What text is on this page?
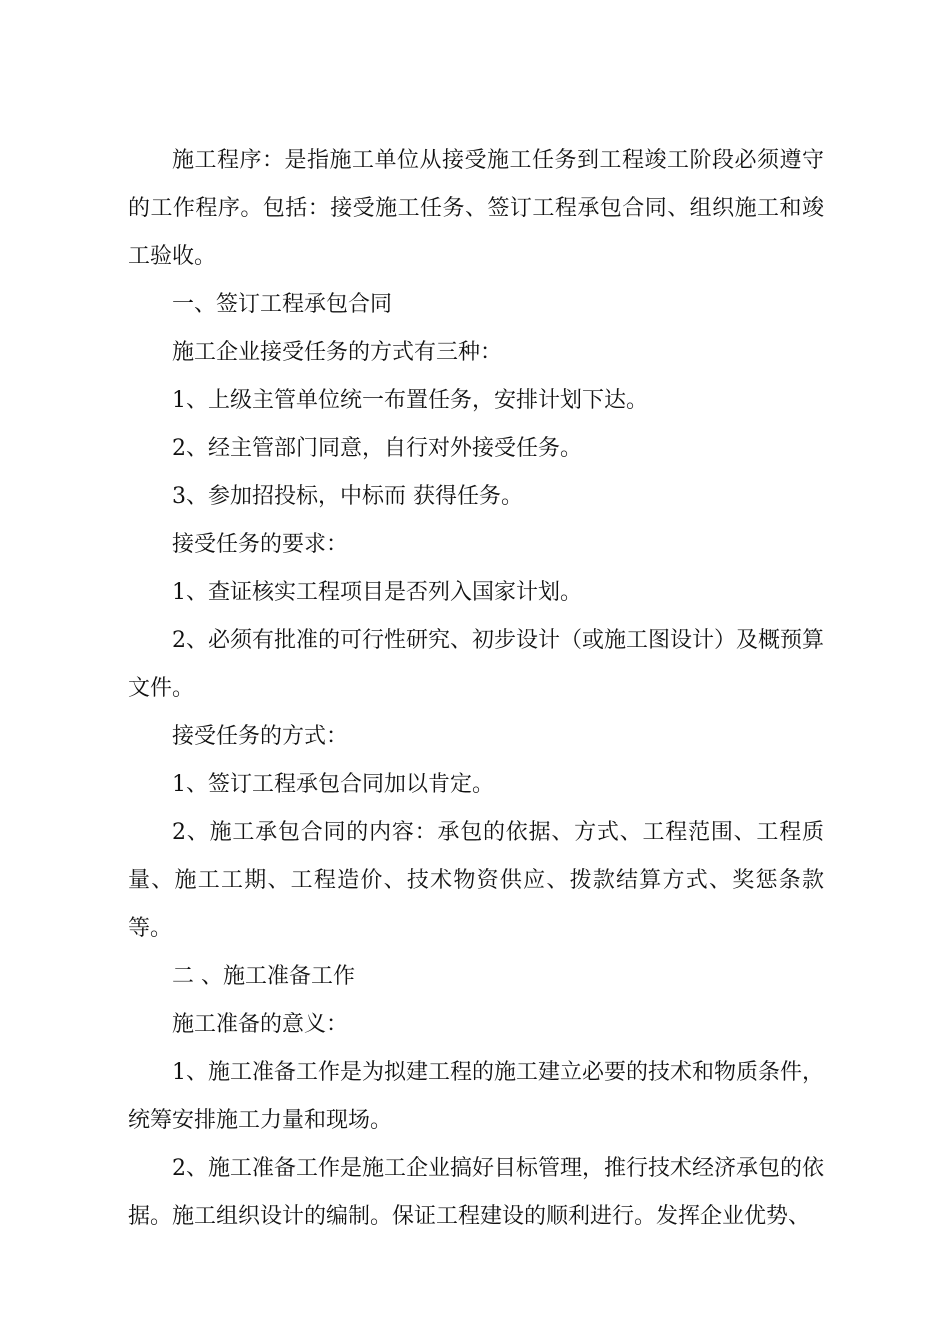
施工程序：是指施工单位从接受施工任务到工程竣工阶段必须遵守的工作程序。包括：接受施工任务、签订工程承包合同、组织施工和竣工验收。

一、签订工程承包合同

施工企业接受任务的方式有三种：

1、上级主管单位统一布置任务，安排计划下达。

2、经主管部门同意，自行对外接受任务。

3、参加招投标，中标而 获得任务。

接受任务的要求：

1、查证核实工程项目是否列入国家计划。

2、必须有批准的可行性研究、初步设计（或施工图设计）及概预算文件。

接受任务的方式：

1、签订工程承包合同加以肯定。

2、施工承包合同的内容：承包的依据、方式、工程范围、工程质量、施工工期、工程造价、技术物资供应、拨款结算方式、奖惩条款等。

二 、施工准备工作

施工准备的意义：

1、施工准备工作是为拟建工程的施工建立必要的技术和物质条件，统筹安排施工力量和现场。

2、施工准备工作是施工企业搞好目标管理，推行技术经济承包的依据。施工组织设计的编制。保证工程建设的顺利进行。发挥企业优势、
